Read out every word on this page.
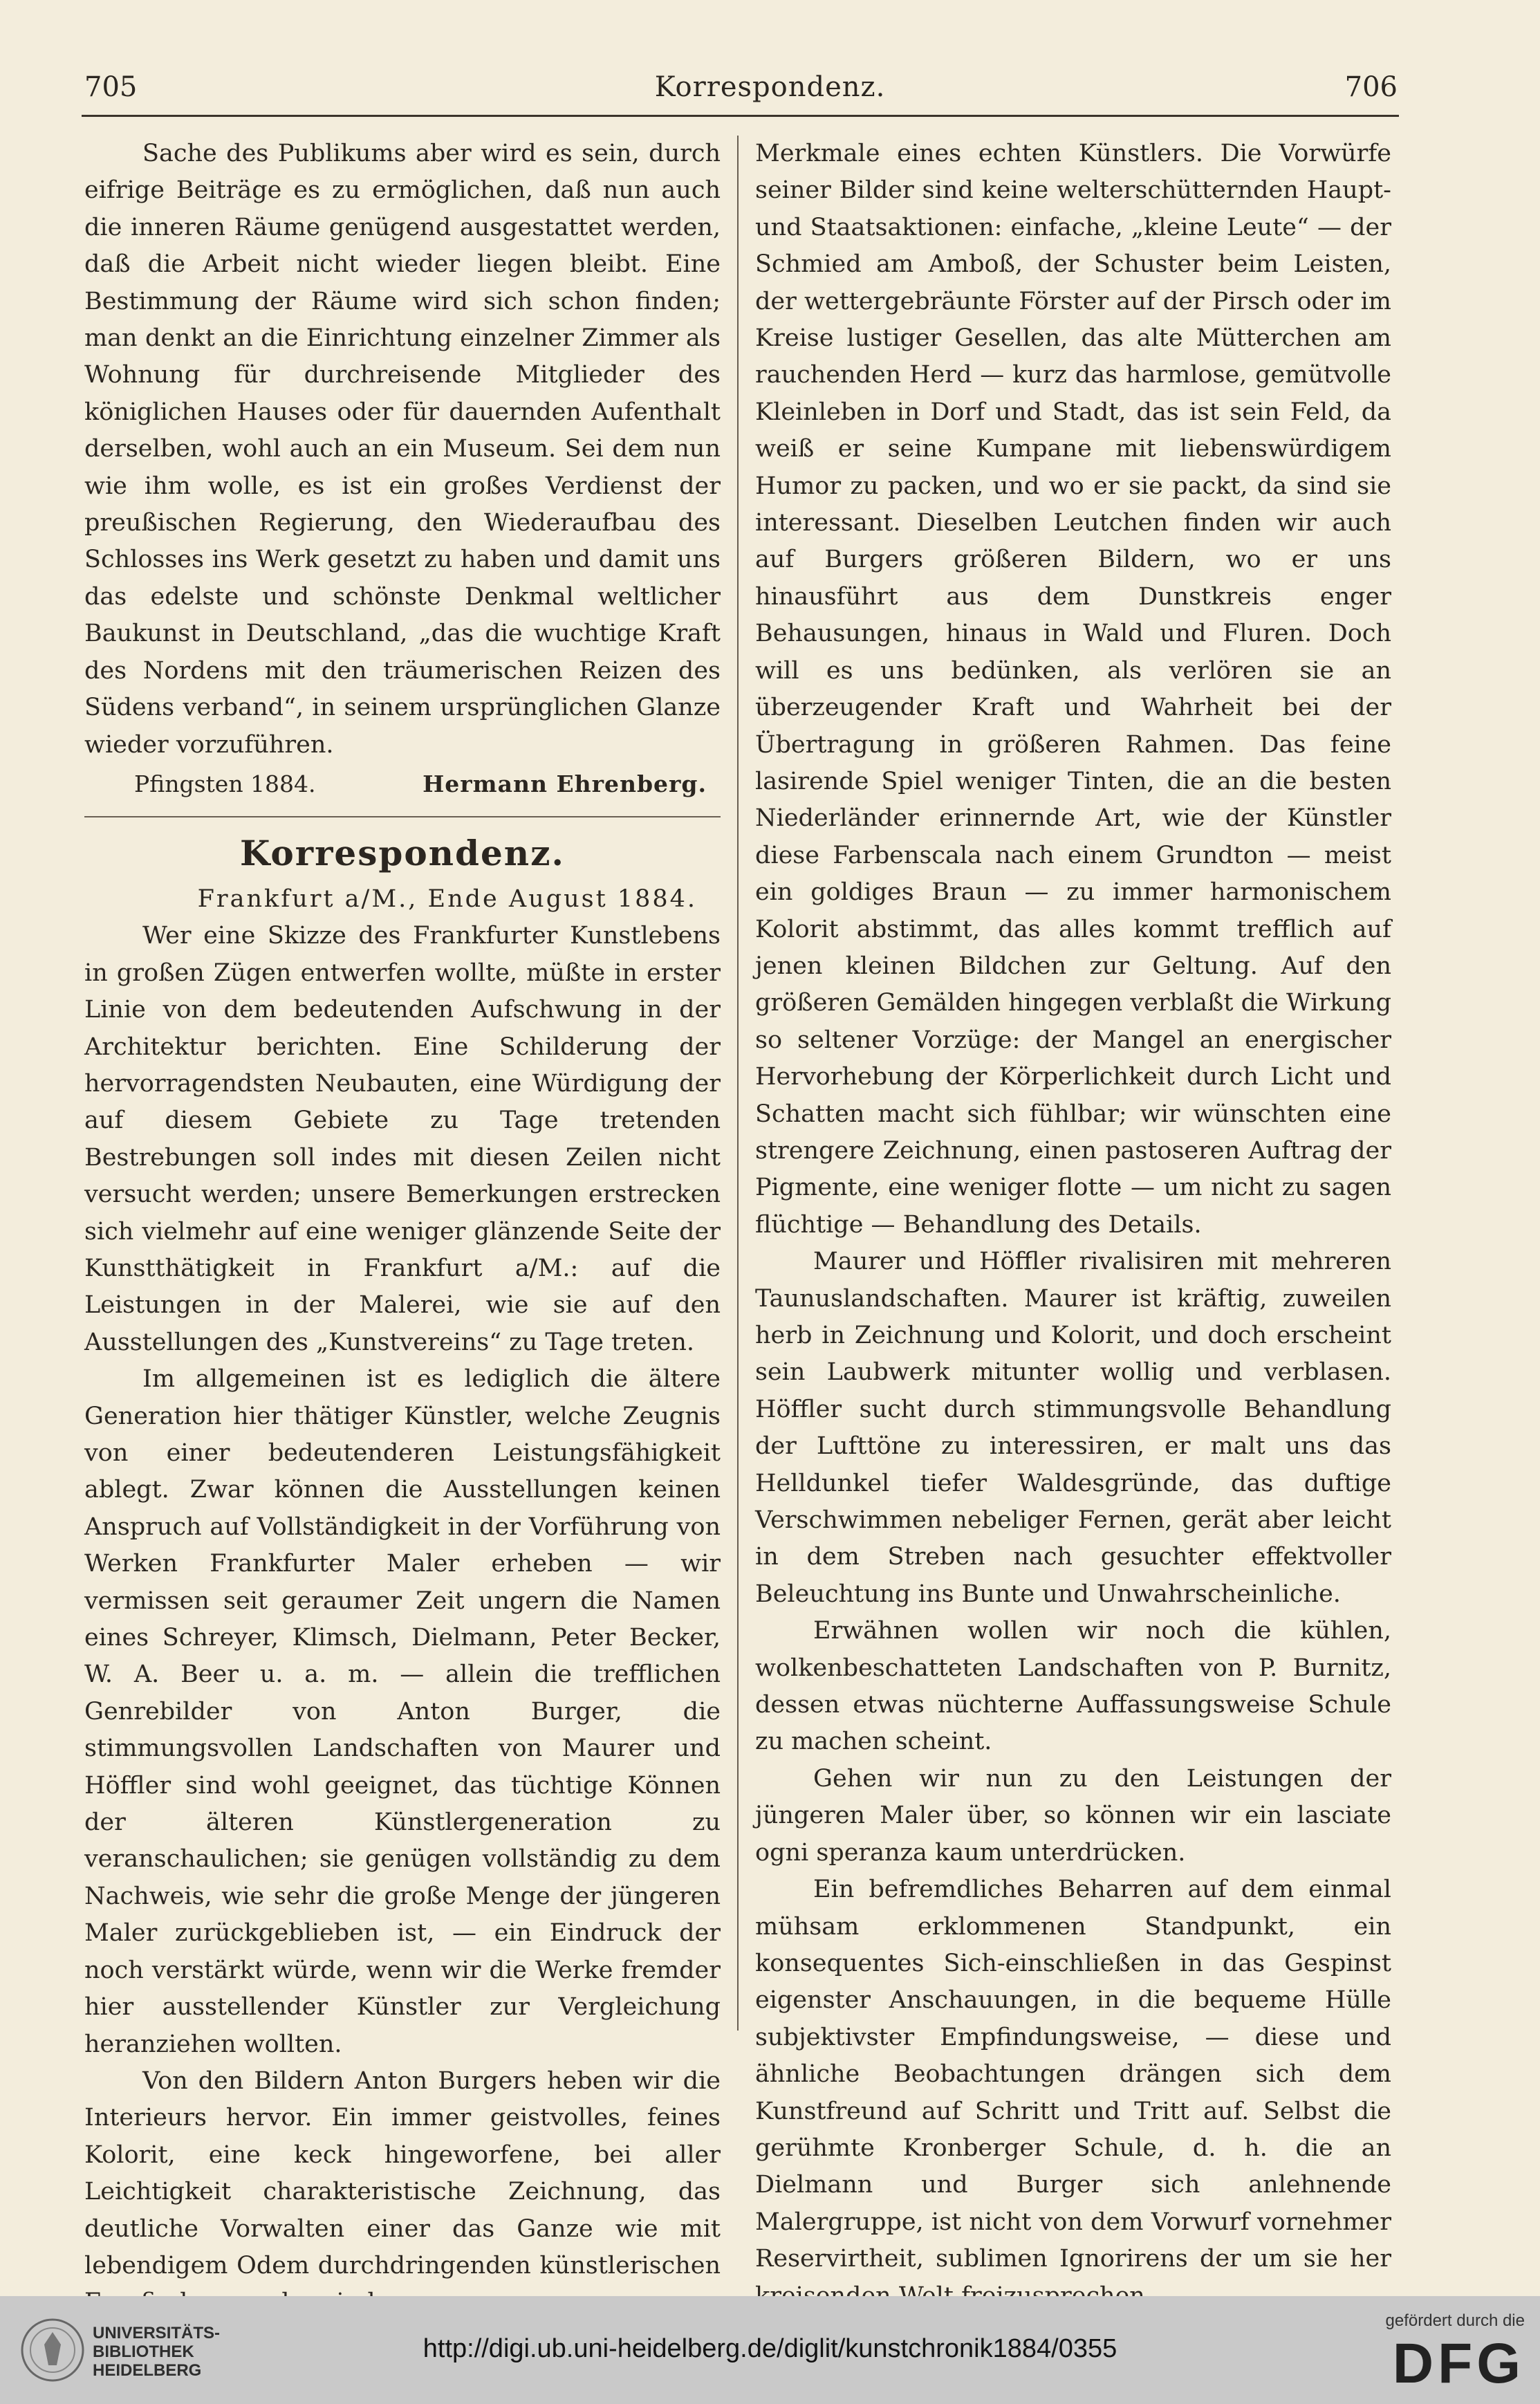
705	Korrespondenz.	706

Sache des Publikums aber wird es sein, durch eifrige Beiträge es zu ermöglichen, daß nun auch die inneren Räume genügend ausgestattet werden, daß die Arbeit nicht wieder liegen bleibt. Eine Bestimmung der Räume wird sich schon finden; man denkt an die Einrichtung einzelner Zimmer als Wohnung für durchreisende Mitglieder des königlichen Hauses oder für dauernden Aufenthalt derselben, wohl auch an ein Museum. Sei dem nun wie ihm wolle, es ist ein großes Verdienst der preußischen Regierung, den Wiederaufbau des Schlosses ins Werk gesetzt zu haben und damit uns das edelste und schönste Denkmal weltlicher Baukunst in Deutschland, „das die wuchtige Kraft des Nordens mit den träumerischen Reizen des Südens verband“, in seinem ursprünglichen Glanze wieder vorzuführen.

Pfingsten 1884.	Hermann Ehrenberg.
Korrespondenz.
Frankfurt a/M., Ende August 1884.

Wer eine Skizze des Frankfurter Kunstlebens in großen Zügen entwerfen wollte, müßte in erster Linie von dem bedeutenden Aufschwung in der Architektur berichten. Eine Schilderung der hervorragendsten Neubauten, eine Würdigung der auf diesem Gebiete zu Tage tretenden Bestrebungen soll indes mit diesen Zeilen nicht versucht werden; unsere Bemerkungen erstrecken sich vielmehr auf eine weniger glänzende Seite der Kunstthätigkeit in Frankfurt a/M.: auf die Leistungen in der Malerei, wie sie auf den Ausstellungen des „Kunstvereins“ zu Tage treten.

Im allgemeinen ist es lediglich die ältere Generation hier thätiger Künstler, welche Zeugnis von einer bedeutenderen Leistungsfähigkeit ablegt. Zwar können die Ausstellungen keinen Anspruch auf Vollständigkeit in der Vorführung von Werken Frankfurter Maler erheben — wir vermissen seit geraumer Zeit ungern die Namen eines Schreyer, Klimsch, Dielmann, Peter Becker, W. A. Beer u. a. m. — allein die trefflichen Genrebilder von Anton Burger, die stimmungsvollen Landschaften von Maurer und Höffler sind wohl geeignet, das tüchtige Können der älteren Künstlergeneration zu veranschaulichen; sie genügen vollständig zu dem Nachweis, wie sehr die große Menge der jüngeren Maler zurückgeblieben ist, — ein Eindruck der noch verstärkt würde, wenn wir die Werke fremder hier ausstellender Künstler zur Vergleichung heranziehen wollten.

Von den Bildern Anton Burgers heben wir die Interieurs hervor. Ein immer geistvolles, feines Kolorit, eine keck hingeworfene, bei aller Leichtigkeit charakteristische Zeichnung, das deutliche Vorwalten einer das Ganze wie mit lebendigem Odem durchdringenden künstlerischen

Merkmale eines echten Künstlers. Die Vorwürfe seiner Bilder sind keine welterschütternden Haupt- und Staatsaktionen: einfache, „kleine Leute“ — der Schmied am Amboß, der Schuster beim Leisten, der wettergebräunte Förster auf der Pirsch oder im Kreise lustiger Gesellen, das alte Mütterchen am rauchenden Herd — kurz das harmlose, gemütvolle Kleinleben in Dorf und Stadt, das ist sein Feld, da weiß er seine Kumpane mit liebenswürdigem Humor zu packen, und wo er sie packt, da sind sie interessant. Dieselben Leutchen finden wir auch auf Burgers größeren Bildern, wo er uns hinausführt aus dem Dunstkreis enger Behausungen, hinaus in Wald und Fluren. Doch will es uns bedünken, als verlören sie an überzeugender Kraft und Wahrheit bei der Übertragung in größeren Rahmen. Das feine lasirende Spiel weniger Tinten, die an die besten Niederländer erinnernde Art, wie der Künstler diese Farbenscala nach einem Grundton — meist ein goldiges Braun — zu immer harmonischem Kolorit abstimmt, das alles kommt trefflich auf jenen kleinen Bildchen zur Geltung. Auf den größeren Gemälden hingegen verblaßt die Wirkung so seltener Vorzüge: der Mangel an energischer Hervorhebung der Körperlichkeit durch Licht und Schatten macht sich fühlbar; wir wünschten eine strengere Zeichnung, einen pastoseren Auftrag der Pigmente, eine weniger flotte — um nicht zu sagen flüchtige — Behandlung des Details.

Maurer und Höffler rivalisiren mit mehreren Taunuslandschaften. Maurer ist kräftig, zuweilen herb in Zeichnung und Kolorit, und doch erscheint sein Laubwerk mitunter wollig und verblasen. Höffler sucht durch stimmungsvolle Behandlung der Lufttöne zu interessiren, er malt uns das Helldunkel tiefer Waldesgründe, das duftige Verschwimmen nebeliger Fernen, gerät aber leicht in dem Streben nach gesuchter effektvoller Beleuchtung ins Bunte und Unwahrscheinliche.

Erwähnen wollen wir noch die kühlen, wolkenbeschatteten Landschaften von P. Burnitz, dessen etwas nüchterne Auffassungsweise Schule zu machen scheint.

Gehen wir nun zu den Leistungen der jüngeren Maler über, so können wir ein lasciate ogni speranza kaum unterdrücken.

Ein befremdliches Beharren auf dem einmal mühsam erklommenen Standpunkt, ein konsequentes Sich-einschließen in das Gespinst eigenster Anschauungen, in die bequeme Hülle subjektivster Empfindungsweise, — diese und ähnliche Beobachtungen drängen sich dem Kunstfreund auf Schritt und Tritt auf. Selbst die gerühmte Kronberger Schule, d. h. die an Dielmann und Burger sich anlehnende Malergruppe, ist nicht von dem Vorwurf vornehmer Reservirtheit, sublimen Ignorirens der um sie her

UNIVERSITÄTS-
BIBLIOTHEK
HEIDELBERG
http://digi.ub.uni-heidelberg.de/diglit/kunstchronik1884/0355
gefördert durch die
DFG
